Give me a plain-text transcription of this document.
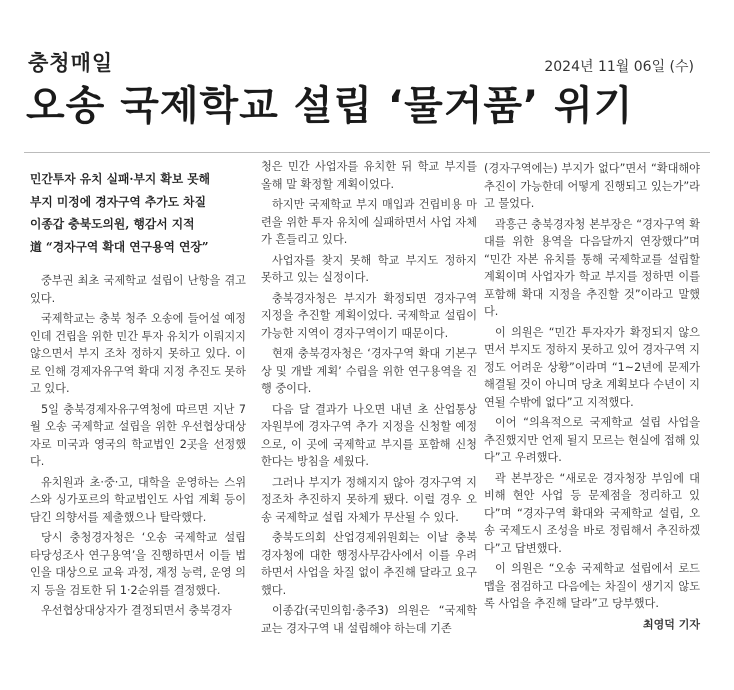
충청매일	2024년 11월 06일 (수)
오송 국제학교 설립 ‘물거품’ 위기
민간투자 유치 실패·부지 확보 못해
부지 미정에 경자구역 추가도 차질
이종갑 충북도의원, 행감서 지적
道 “경자구역 확대 연구용역 연장”

중부권 최초 국제학교 설립이 난항을 겪고 있다.

국제학교는 충북 청주 오송에 들어설 예정인데 건립을 위한 민간 투자 유치가 이뤄지지 않으면서 부지 조차 정하지 못하고 있다. 이로 인해 경제자유구역 확대 지정 추진도 못하고 있다.

5일 충북경제자유구역청에 따르면 지난 7월 오송 국제학교 설립을 위한 우선협상대상자로 미국과 영국의 학교법인 2곳을 선정했다.

유치원과 초·중·고, 대학을 운영하는 스위스와 싱가포르의 학교법인도 사업 계획 등이 담긴 의향서를 제출했으나 탈락했다.

당시 충청경자청은 ‘오송 국제학교 설립 타당성조사 연구용역’을 진행하면서 이들 법인을 대상으로 교육 과정, 재정 능력, 운영 의지 등을 검토한 뒤 1·2순위를 결정했다.

우선협상대상자가 결정되면서 충북경자

청은 민간 사업자를 유치한 뒤 학교 부지를 올해 말 확정할 계획이었다.

하지만 국제학교 부지 매입과 건립비용 마련을 위한 투자 유치에 실패하면서 사업 자체가 흔들리고 있다.

사업자를 찾지 못해 학교 부지도 정하지 못하고 있는 실정이다.

충북경자청은 부지가 확정되면 경자구역 지정을 추진할 계획이었다. 국제학교 설립이 가능한 지역이 경자구역이기 때문이다.

현재 충북경자청은 ‘경자구역 확대 기본구상 및 개발 계획’ 수립을 위한 연구용역을 진행 중이다.

다음 달 결과가 나오면 내년 초 산업통상자원부에 경자구역 추가 지정을 신청할 예정으로, 이 곳에 국제학교 부지를 포함해 신청한다는 방침을 세웠다.

그러나 부지가 정해지지 않아 경자구역 지정조차 추진하지 못하게 됐다. 이럴 경우 오송 국제학교 설립 자체가 무산될 수 있다.

충북도의회 산업경제위원회는 이날 충북경자청에 대한 행정사무감사에서 이를 우려하면서 사업을 차질 없이 추진해 달라고 요구했다.

이종갑(국민의힘·충주3) 의원은 “국제학교는 경자구역 내 설립해야 하는데 기존

(경자구역에는) 부지가 없다”면서 “확대해야 추진이 가능한데 어떻게 진행되고 있는가”라고 물었다.

곽흥근 충북경자청 본부장은 “경자구역 확대를 위한 용역을 다음달까지 연장했다”며 “민간 자본 유치를 통해 국제학교를 설립할 계획이며 사업자가 학교 부지를 정하면 이를 포함해 확대 지정을 추진할 것”이라고 말했다.

이 의원은 “민간 투자자가 확정되지 않으면서 부지도 정하지 못하고 있어 경자구역 지정도 어려운 상황”이라며 “1~2년에 문제가 해결될 것이 아니며 당초 계획보다 수년이 지연될 수밖에 없다”고 지적했다.

이어 “의욕적으로 국제학교 설립 사업을 추진했지만 언제 될지 모르는 현실에 접해 있다”고 우려했다.

곽 본부장은 “새로운 경자청장 부임에 대비해 현안 사업 등 문제점을 정리하고 있다”며 “경자구역 확대와 국제학교 설립, 오송 국제도시 조성을 바로 정립해서 추진하겠다”고 답변했다.

이 의원은 “오송 국제학교 설립에서 로드맵을 점검하고 다음에는 차질이 생기지 않도록 사업을 추진해 달라”고 당부했다.

최영덕 기자
